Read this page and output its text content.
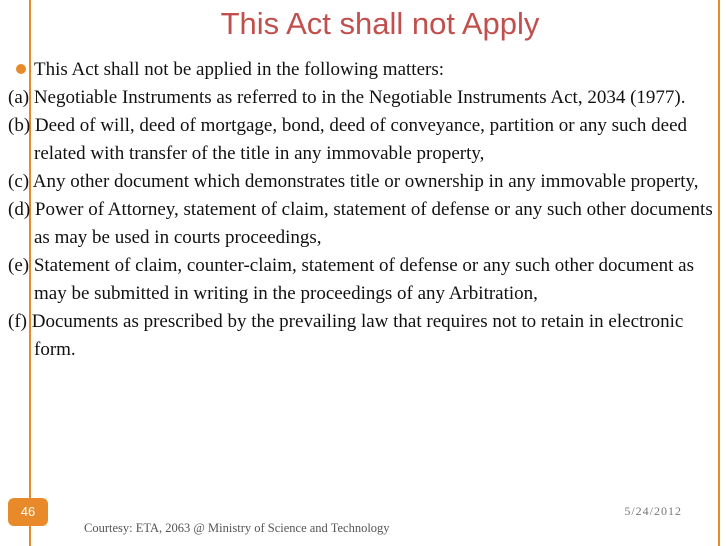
This Act shall not Apply
This Act shall not be applied in the following matters:

(a) Negotiable Instruments as referred to in the Negotiable Instruments Act, 2034 (1977).

(b) Deed of will, deed of mortgage, bond, deed of conveyance, partition or any such deed related with transfer of the title in any immovable property,

(c) Any other document which demonstrates title or ownership in any immovable property,

(d) Power of Attorney, statement of claim, statement of defense or any such other documents as may be used in courts proceedings,

(e) Statement of claim, counter-claim, statement of defense or any such other document as may be submitted in writing in the proceedings of any Arbitration,

(f) Documents as prescribed by the prevailing law that requires not to retain in electronic form.

46	5/24/2012
Courtesy: ETA, 2063 @ Ministry of Science and Technology
